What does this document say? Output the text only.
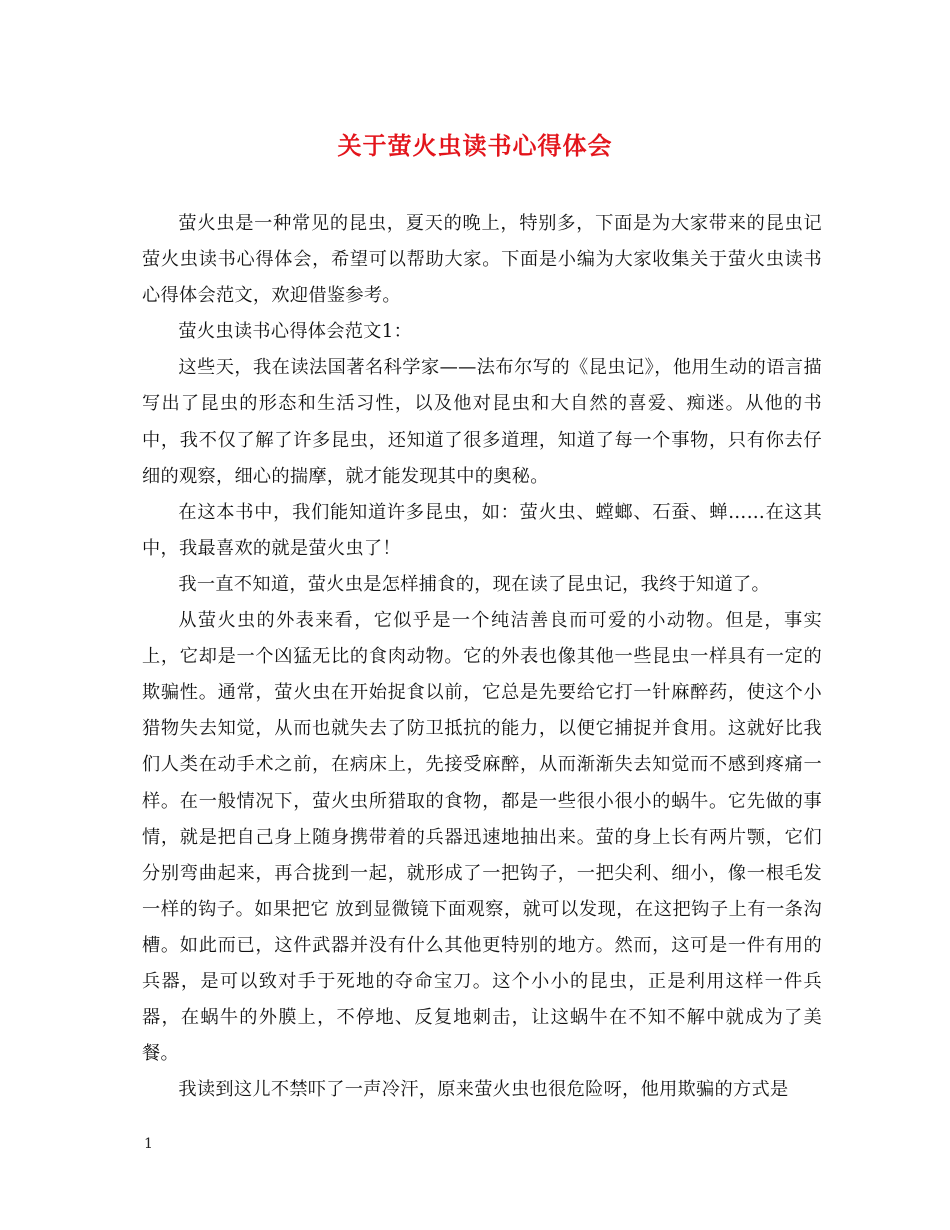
关于萤火虫读书心得体会

萤火虫是一种常见的昆虫，夏天的晚上，特别多，下面是为大家带来的昆虫记萤火虫读书心得体会，希望可以帮助大家。下面是小编为大家收集关于萤火虫读书心得体会范文，欢迎借鉴参考。

萤火虫读书心得体会范文1：

这些天，我在读法国著名科学家——法布尔写的《昆虫记》，他用生动的语言描写出了昆虫的形态和生活习性，以及他对昆虫和大自然的喜爱、痴迷。从他的书中，我不仅了解了许多昆虫，还知道了很多道理，知道了每一个事物，只有你去仔细的观察，细心的揣摩，就才能发现其中的奥秘。

在这本书中，我们能知道许多昆虫，如：萤火虫、螳螂、石蚕、蝉……在这其中，我最喜欢的就是萤火虫了！

我一直不知道，萤火虫是怎样捕食的，现在读了昆虫记，我终于知道了。

从萤火虫的外表来看，它似乎是一个纯洁善良而可爱的小动物。但是，事实上，它却是一个凶猛无比的食肉动物。它的外表也像其他一些昆虫一样具有一定的欺骗性。通常，萤火虫在开始捉食以前，它总是先要给它打一针麻醉药，使这个小猎物失去知觉，从而也就失去了防卫抵抗的能力，以便它捕捉并食用。这就好比我们人类在动手术之前，在病床上，先接受麻醉，从而渐渐失去知觉而不感到疼痛一样。在一般情况下，萤火虫所猎取的食物，都是一些很小很小的蜗牛。它先做的事情，就是把自己身上随身携带着的兵器迅速地抽出来。萤的身上长有两片颚，它们分别弯曲起来，再合拢到一起，就形成了一把钩子，一把尖利、细小，像一根毛发一样的钩子。如果把它 放到显微镜下面观察，就可以发现，在这把钩子上有一条沟槽。如此而已，这件武器并没有什么其他更特别的地方。然而，这可是一件有用的兵器，是可以致对手于死地的夺命宝刀。这个小小的昆虫，正是利用这样一件兵器，在蜗牛的外膜上，不停地、反复地刺击，让这蜗牛在不知不解中就成为了美餐。

我读到这儿不禁吓了一声冷汗，原来萤火虫也很危险呀，他用欺骗的方式是

1
